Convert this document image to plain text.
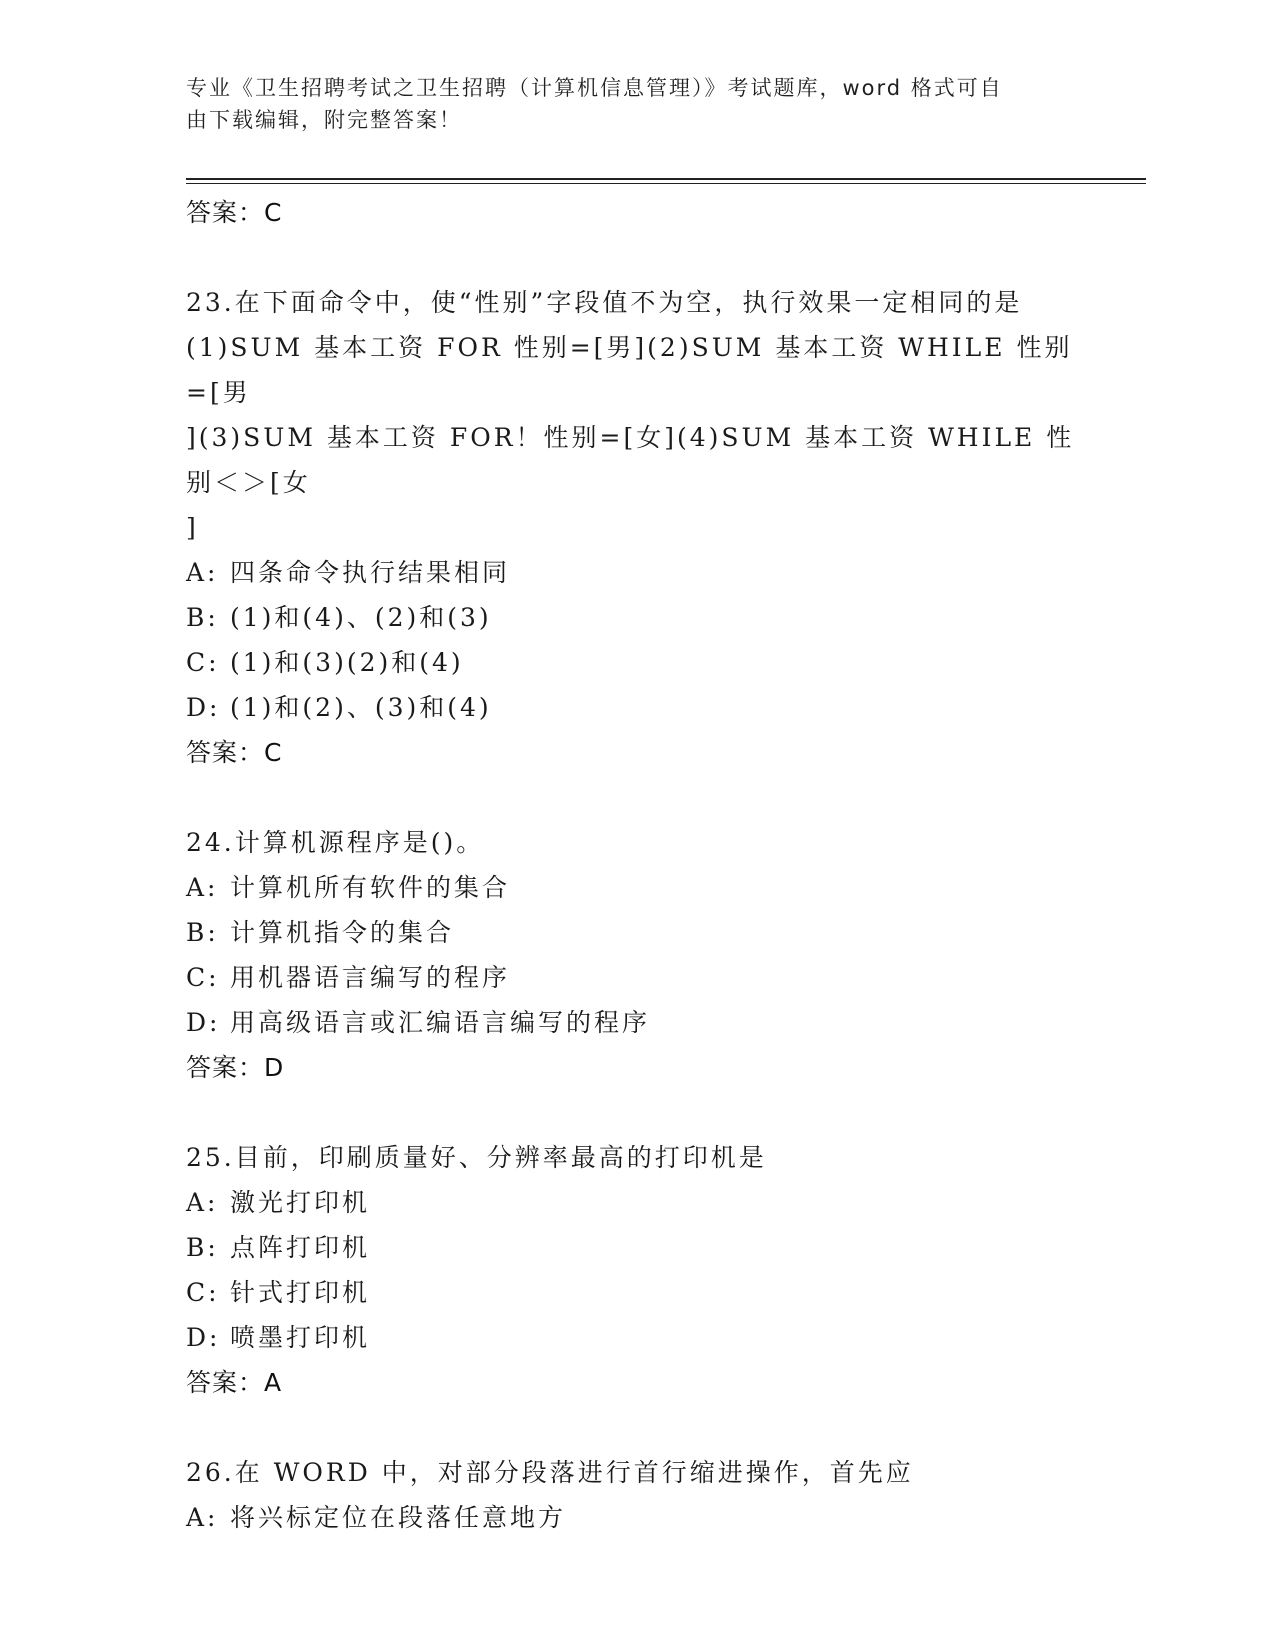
专业《卫生招聘考试之卫生招聘（计算机信息管理）》考试题库，word 格式可自
由下载编辑，附完整答案！

答案：C

23.在下面命令中，使“性别”字段值不为空，执行效果一定相同的是

(1)SUM 基本工资 FOR 性别=[男](2)SUM 基本工资 WHILE 性别=[男

](3)SUM 基本工资 FOR！性别=[女](4)SUM 基本工资 WHILE 性别＜＞[女

]

A: 四条命令执行结果相同

B: (1)和(4)、(2)和(3)

C: (1)和(3)(2)和(4)

D: (1)和(2)、(3)和(4)

答案：C

24.计算机源程序是()。

A: 计算机所有软件的集合

B: 计算机指令的集合

C: 用机器语言编写的程序

D: 用高级语言或汇编语言编写的程序

答案：D

25.目前，印刷质量好、分辨率最高的打印机是

A: 激光打印机

B: 点阵打印机

C: 针式打印机

D: 喷墨打印机

答案：A

26.在 WORD 中，对部分段落进行首行缩进操作，首先应

A: 将兴标定位在段落任意地方
